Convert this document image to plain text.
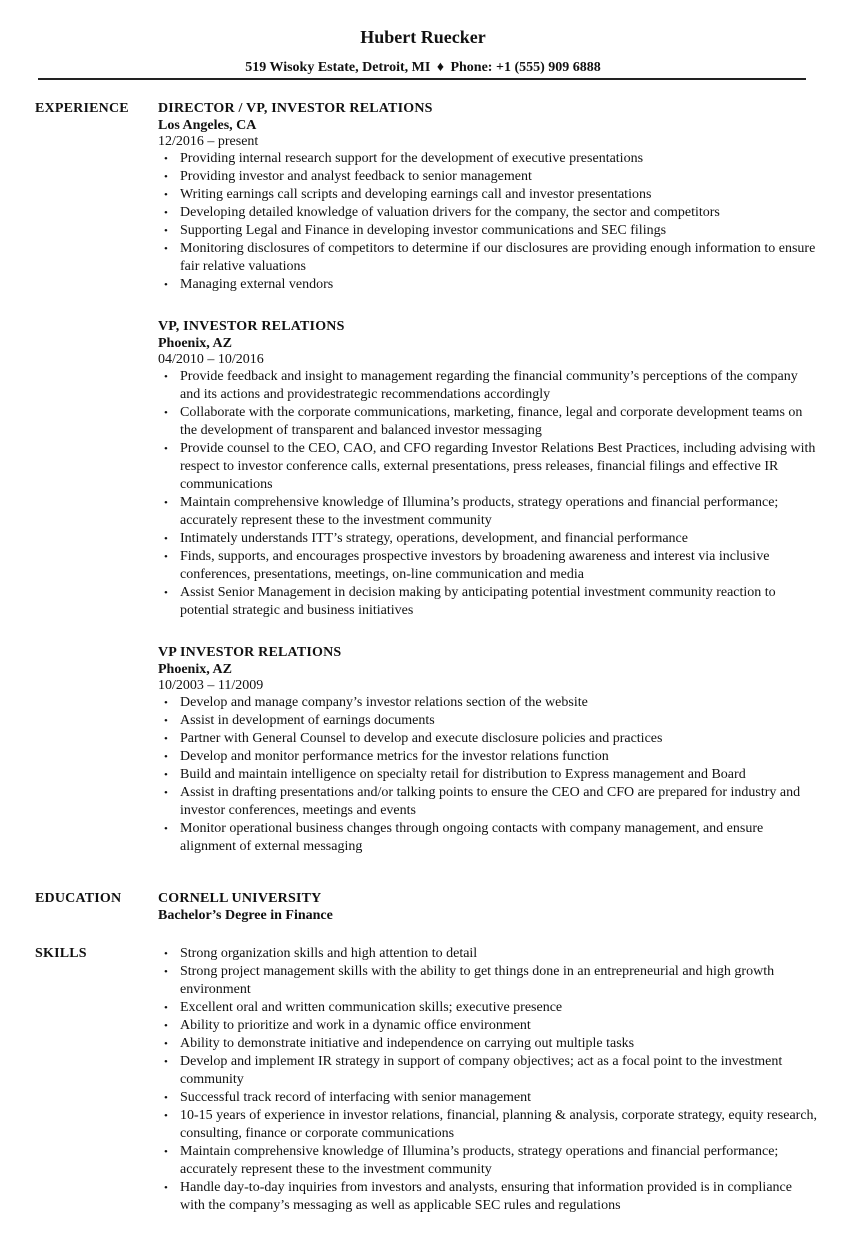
Hubert Ruecker
519 Wisoky Estate, Detroit, MI ♦ Phone: +1 (555) 909 6888
EXPERIENCE DIRECTOR / VP, INVESTOR RELATIONS
Los Angeles, CA
12/2016 – present
• Providing internal research support for the development of executive presentations
• Providing investor and analyst feedback to senior management
• Writing earnings call scripts and developing earnings call and investor presentations
• Developing detailed knowledge of valuation drivers for the company, the sector and competitors
• Supporting Legal and Finance in developing investor communications and SEC filings
• Monitoring disclosures of competitors to determine if our disclosures are providing enough information to ensure fair relative valuations
• Managing external vendors
VP, INVESTOR RELATIONS
Phoenix, AZ
04/2010 – 10/2016
• Provide feedback and insight to management regarding the financial community’s perceptions of the company and its actions and providestrategic recommendations accordingly
• Collaborate with the corporate communications, marketing, finance, legal and corporate development teams on the development of transparent and balanced investor messaging
• Provide counsel to the CEO, CAO, and CFO regarding Investor Relations Best Practices, including advising with respect to investor conference calls, external presentations, press releases, financial filings and effective IR communications
• Maintain comprehensive knowledge of Illumina’s products, strategy operations and financial performance; accurately represent these to the investment community
• Intimately understands ITT’s strategy, operations, development, and financial performance
• Finds, supports, and encourages prospective investors by broadening awareness and interest via inclusive conferences, presentations, meetings, on-line communication and media
• Assist Senior Management in decision making by anticipating potential investment community reaction to potential strategic and business initiatives
VP INVESTOR RELATIONS
Phoenix, AZ
10/2003 – 11/2009
• Develop and manage company’s investor relations section of the website
• Assist in development of earnings documents
• Partner with General Counsel to develop and execute disclosure policies and practices
• Develop and monitor performance metrics for the investor relations function
• Build and maintain intelligence on specialty retail for distribution to Express management and Board
• Assist in drafting presentations and/or talking points to ensure the CEO and CFO are prepared for industry and investor conferences, meetings and events
• Monitor operational business changes through ongoing contacts with company management, and ensure alignment of external messaging
EDUCATION	CORNELL UNIVERSITY
Bachelor’s Degree in Finance
SKILLS	• Strong organization skills and high attention to detail
• Strong project management skills with the ability to get things done in an entrepreneurial and high growth environment
• Excellent oral and written communication skills; executive presence
• Ability to prioritize and work in a dynamic office environment
• Ability to demonstrate initiative and independence on carrying out multiple tasks
• Develop and implement IR strategy in support of company objectives; act as a focal point to the investment community
• Successful track record of interfacing with senior management
• 10-15 years of experience in investor relations, financial, planning & analysis, corporate strategy, equity research, consulting, finance or corporate communications
• Maintain comprehensive knowledge of Illumina’s products, strategy operations and financial performance; accurately represent these to the investment community
• Handle day-to-day inquiries from investors and analysts, ensuring that information provided is in compliance with the company’s messaging as well as applicable SEC rules and regulations
